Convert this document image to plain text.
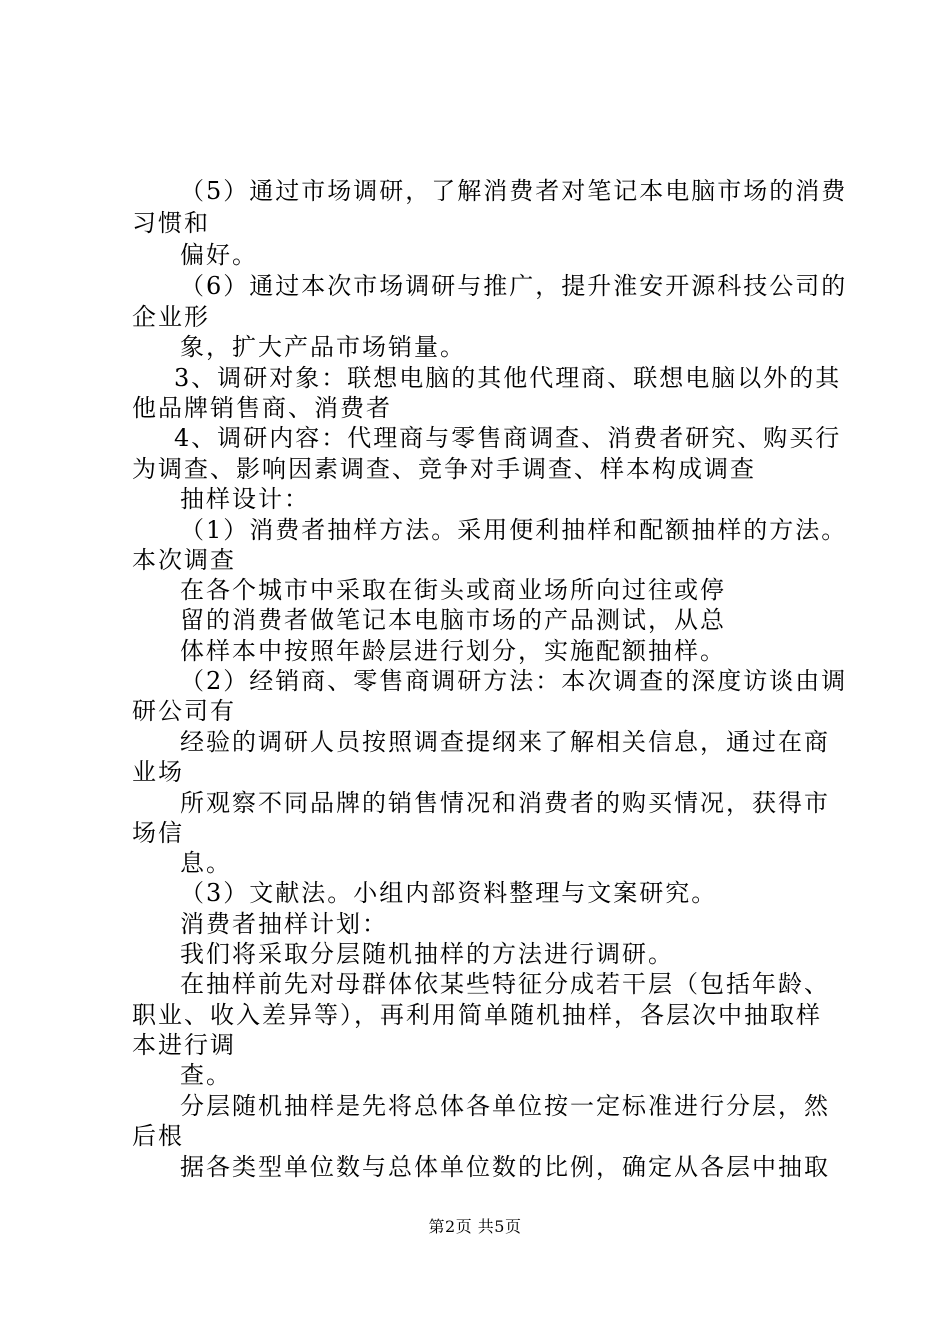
（5）通过市场调研，了解消费者对笔记本电脑市场的消费
习惯和
偏好。
（6）通过本次市场调研与推广，提升淮安开源科技公司的
企业形
象，扩大产品市场销量。
3、调研对象：联想电脑的其他代理商、联想电脑以外的其
他品牌销售商、消费者
4、调研内容：代理商与零售商调查、消费者研究、购买行
为调查、影响因素调查、竞争对手调查、样本构成调查
抽样设计：
（1）消费者抽样方法。采用便利抽样和配额抽样的方法。
本次调查
在各个城市中采取在街头或商业场所向过往或停
留的消费者做笔记本电脑市场的产品测试，从总
体样本中按照年龄层进行划分，实施配额抽样。
（2）经销商、零售商调研方法：本次调查的深度访谈由调
研公司有
经验的调研人员按照调查提纲来了解相关信息，通过在商
业场
所观察不同品牌的销售情况和消费者的购买情况，获得市
场信
息。
（3）文献法。小组内部资料整理与文案研究。
消费者抽样计划：
我们将采取分层随机抽样的方法进行调研。
在抽样前先对母群体依某些特征分成若干层（包括年龄、
职业、收入差异等），再利用简单随机抽样，各层次中抽取样
本进行调
查。
分层随机抽样是先将总体各单位按一定标准进行分层，然
后根
据各类型单位数与总体单位数的比例，确定从各层中抽取
第2页 共5页
